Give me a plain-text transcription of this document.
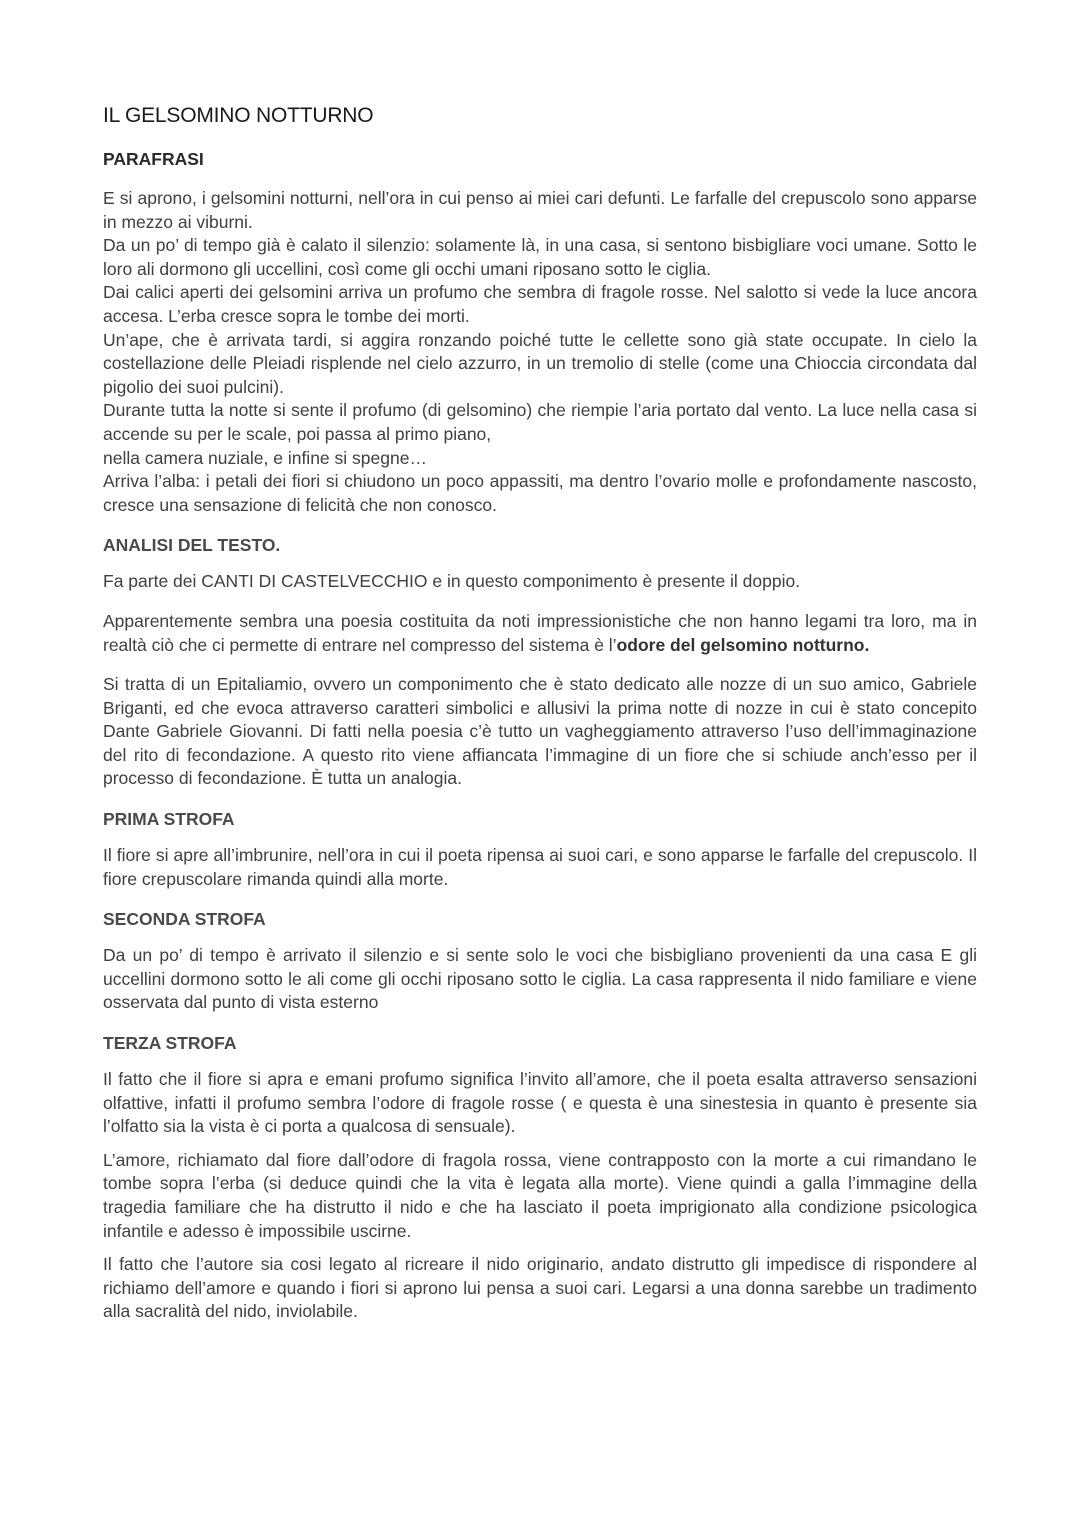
IL GELSOMINO NOTTURNO
PARAFRASI

E si aprono, i gelsomini notturni, nell’ora in cui penso ai miei cari defunti. Le farfalle del crepuscolo sono apparse in mezzo ai viburni.

Da un po’ di tempo già è calato il silenzio: solamente là, in una casa, si sentono bisbigliare voci umane. Sotto le loro ali dormono gli uccellini, così come gli occhi umani riposano sotto le ciglia.

Dai calici aperti dei gelsomini arriva un profumo che sembra di fragole rosse. Nel salotto si vede la luce ancora accesa. L’erba cresce sopra le tombe dei morti.

Un’ape, che è arrivata tardi, si aggira ronzando poiché tutte le cellette sono già state occupate. In cielo la costellazione delle Pleiadi risplende nel cielo azzurro, in un tremolio di stelle (come una Chioccia circondata dal pigolio dei suoi pulcini).

Durante tutta la notte si sente il profumo (di gelsomino) che riempie l’aria portato dal vento. La luce nella casa si accende su per le scale, poi passa al primo piano,

nella camera nuziale, e infine si spegne…

Arriva l’alba: i petali dei fiori si chiudono un poco appassiti, ma dentro l’ovario molle e profondamente nascosto, cresce una sensazione di felicità che non conosco.

ANALISI DEL TESTO.

Fa parte dei CANTI DI CASTELVECCHIO e in questo componimento è presente il doppio.

Apparentemente sembra una poesia costituita da noti impressionistiche che non hanno legami tra loro, ma in realtà ciò che ci permette di entrare nel compresso del sistema è l’odore del gelsomino notturno.

Si tratta di un Epitaliamio, ovvero un componimento che è stato dedicato alle nozze di un suo amico, Gabriele Briganti, ed che evoca attraverso caratteri simbolici e allusivi la prima notte di nozze in cui è stato concepito Dante Gabriele Giovanni. Di fatti nella poesia c’è tutto un vagheggiamento attraverso l’uso dell’immaginazione del rito di fecondazione. A questo rito viene affiancata l’immagine di un fiore che si schiude anch’esso per il processo di fecondazione. È tutta un analogia.

PRIMA STROFA

Il fiore si apre all’imbrunire, nell’ora in cui il poeta ripensa ai suoi cari, e sono apparse le farfalle del crepuscolo. Il fiore crepuscolare rimanda quindi alla morte.

SECONDA STROFA

Da un po’ di tempo è arrivato il silenzio e si sente solo le voci che bisbigliano provenienti da una casa E gli uccellini dormono sotto le ali come gli occhi riposano sotto le ciglia. La casa rappresenta il nido familiare e viene osservata dal punto di vista esterno

TERZA STROFA

Il fatto che il fiore si apra e emani profumo significa l’invito all’amore, che il poeta esalta attraverso sensazioni olfattive, infatti il profumo sembra l’odore di fragole rosse ( e questa è una sinestesia in quanto è presente sia l’olfatto sia la vista è ci porta a qualcosa di sensuale).

L’amore, richiamato dal fiore dall’odore di fragola rossa, viene contrapposto con la morte a cui rimandano le tombe sopra l’erba (si deduce quindi che la vita è legata alla morte). Viene quindi a galla l’immagine della tragedia familiare che ha distrutto il nido e che ha lasciato il poeta imprigionato alla condizione psicologica infantile e adesso è impossibile uscirne.

Il fatto che l’autore sia cosi legato al ricreare il nido originario, andato distrutto gli impedisce di rispondere al richiamo dell’amore e quando i fiori si aprono lui pensa a suoi cari. Legarsi a una donna sarebbe un tradimento alla sacralità del nido, inviolabile.
